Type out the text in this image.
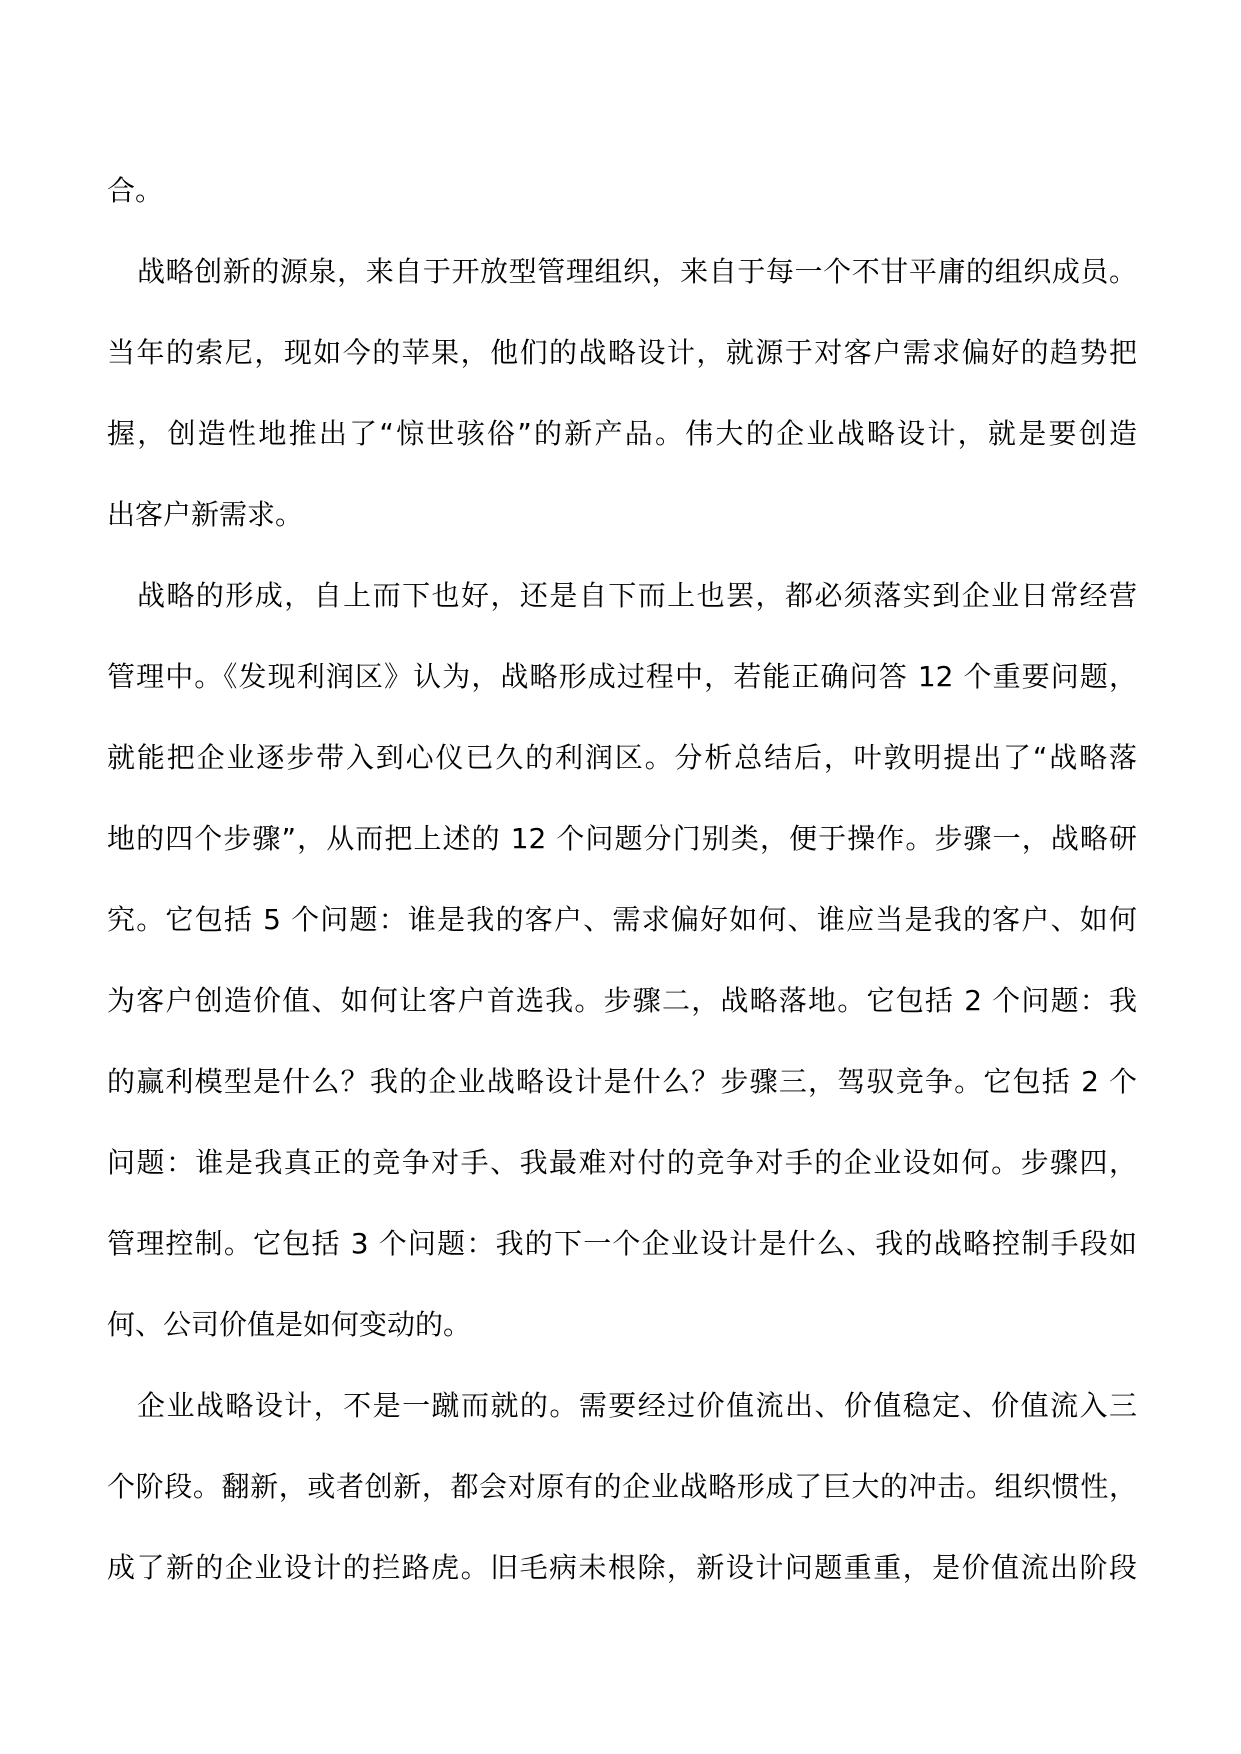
合。
战略创新的源泉，来自于开放型管理组织，来自于每一个不甘平庸的组织成员。
当年的索尼，现如今的苹果，他们的战略设计，就源于对客户需求偏好的趋势把
握，创造性地推出了“惊世骇俗”的新产品。伟大的企业战略设计，就是要创造
出客户新需求。
战略的形成，自上而下也好，还是自下而上也罢，都必须落实到企业日常经营
管理中。《发现利润区》认为，战略形成过程中，若能正确问答 12 个重要问题，
就能把企业逐步带入到心仪已久的利润区。分析总结后，叶敦明提出了“战略落
地的四个步骤”，从而把上述的 12 个问题分门别类，便于操作。步骤一，战略研
究。它包括 5 个问题：谁是我的客户、需求偏好如何、谁应当是我的客户、如何
为客户创造价值、如何让客户首选我。步骤二，战略落地。它包括 2 个问题：我
的赢利模型是什么？我的企业战略设计是什么？步骤三，驾驭竞争。它包括 2 个
问题：谁是我真正的竞争对手、我最难对付的竞争对手的企业设如何。步骤四，
管理控制。它包括 3 个问题：我的下一个企业设计是什么、我的战略控制手段如
何、公司价值是如何变动的。
企业战略设计，不是一蹴而就的。需要经过价值流出、价值稳定、价值流入三
个阶段。翻新，或者创新，都会对原有的企业战略形成了巨大的冲击。组织惯性，
成了新的企业设计的拦路虎。旧毛病未根除，新设计问题重重，是价值流出阶段
